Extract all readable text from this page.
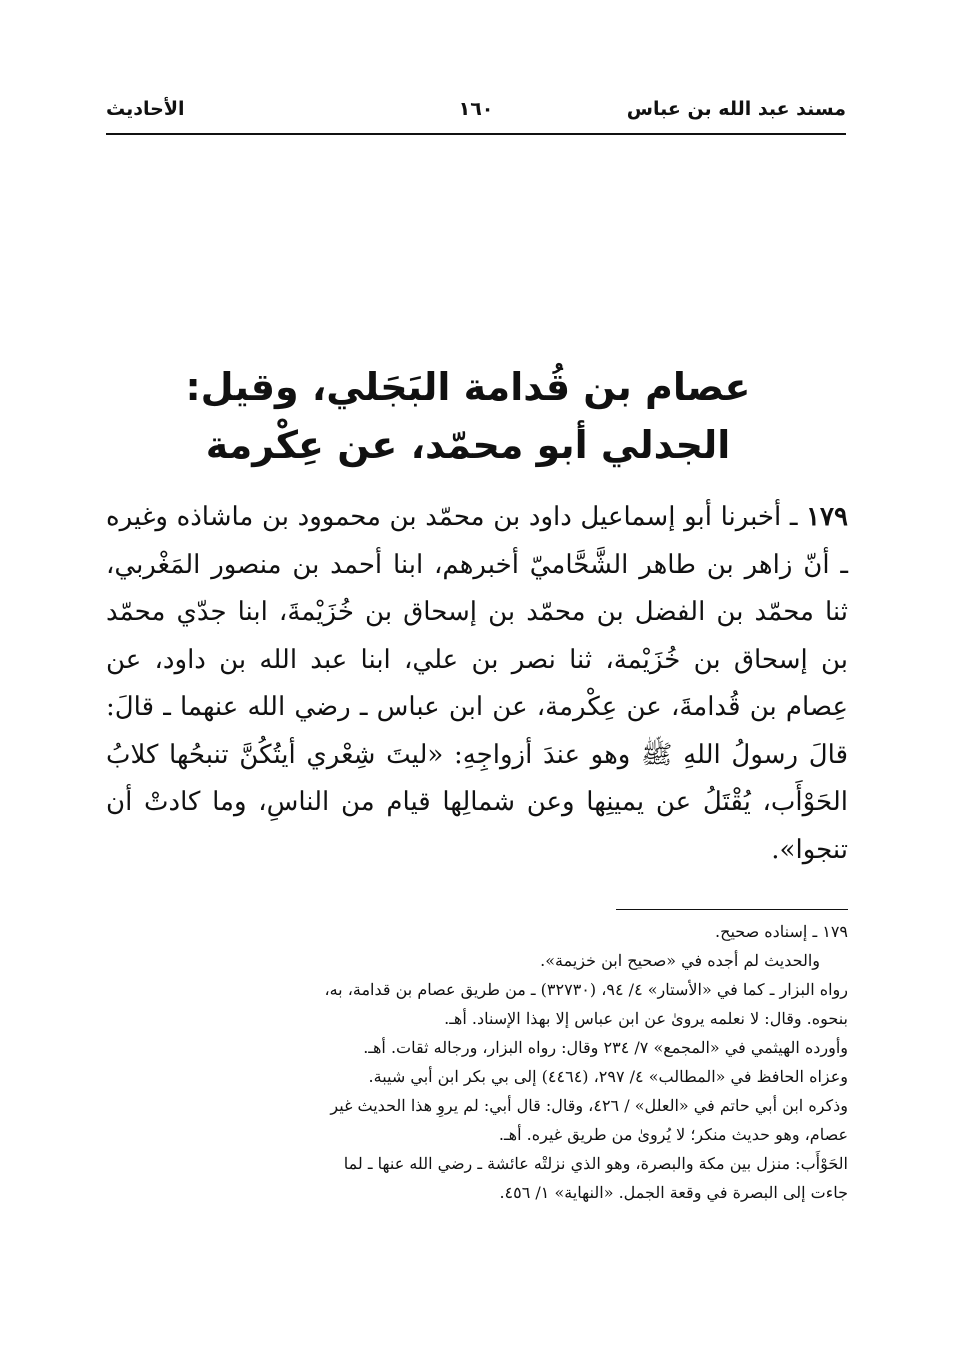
مسند عبد الله بن عباس
١٦٠
الأحاديث
عصام بن قُدامة البَجَلي، وقيل: الجدلي أبو محمّد، عن عِكْرمة
١٧٩ ـ أخبرنا أبو إسماعيل داود بن محمّد بن محموود بن ماشاذه وغيره ـ أنّ زاهر بن طاهر الشَّحَّاميّ أخبرهم، ابنا أحمد بن منصور المَغْربي، ثنا محمّد بن الفضل بن محمّد بن إسحاق بن خُزَيْمةَ، ابنا جدّي محمّد بن إسحاق بن خُزَيْمة، ثنا نصر بن علي، ابنا عبد الله بن داود، عن عِصام بن قُدامةَ، عن عِكْرمة، عن ابن عباس ـ رضي الله عنهما ـ قالَ: قالَ رسولُ اللهِ ﷺ وهو عندَ أزواجِهِ: «ليتَ شِعْري أيتُكُنَّ تنبحُها كلابُ الحَوْأَب، يُقْتَلُ عن يمينِها وعن شمالِها قيام من الناسِ، وما كادتْ أن تنجوا».
١٧٩ ـ إسناده صحيح.
والحديث لم أجده في «صحيح ابن خزيمة».
رواه البزار ـ كما في «الأستار» ٤/ ٩٤، (٣٢٧٣٠) ـ من طريق عصام بن قدامة، به،
بنحوه. وقال: لا نعلمه يروىٰ عن ابن عباس إلا بهذا الإسناد. أهـ.
وأورده الهيثمي في «المجمع» ٧/ ٢٣٤ وقال: رواه البزار، ورجاله ثقات. أهـ.
وعزاه الحافظ في «المطالب» ٤/ ٢٩٧، (٤٤٦٤) إلى بي بكر ابن أبي شيبة.
وذكره ابن أبي حاتم في «العلل» / ٤٢٦، وقال: قال أبي: لم يروِ هذا الحديث غير
عصام، وهو حديث منكر؛ لا يُروىٰ من طريق غيره. أهـ.
الحَوْأَب: منزل بين مكة والبصرة، وهو الذي نزلتْه عائشة ـ رضي الله عنها ـ لما
جاءت إلى البصرة في وقعة الجمل. «النهاية» ١/ ٤٥٦.
